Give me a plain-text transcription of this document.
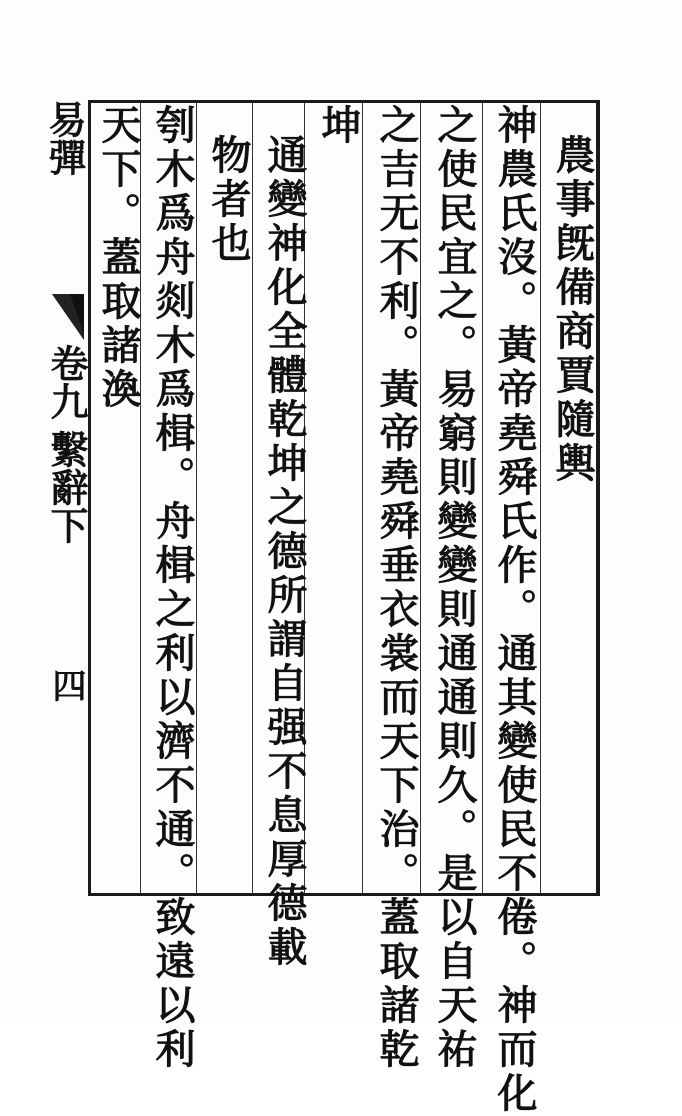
易彈
卷九
繫辭下
四
農事旣備商賈隨輿
神農氏沒。黃帝堯舜氏作。通其變使民不倦。神而化
之使民宜之。易窮則變變則通通則久。是以自天祐
之吉无不利。黃帝堯舜垂衣裳而天下治。蓋取諸乾
坤
通變神化全體乾坤之德所謂自强不息厚德載
物者也
刳木爲舟剡木爲楫。舟楫之利以濟不通。致遠以利
天下。蓋取諸渙
